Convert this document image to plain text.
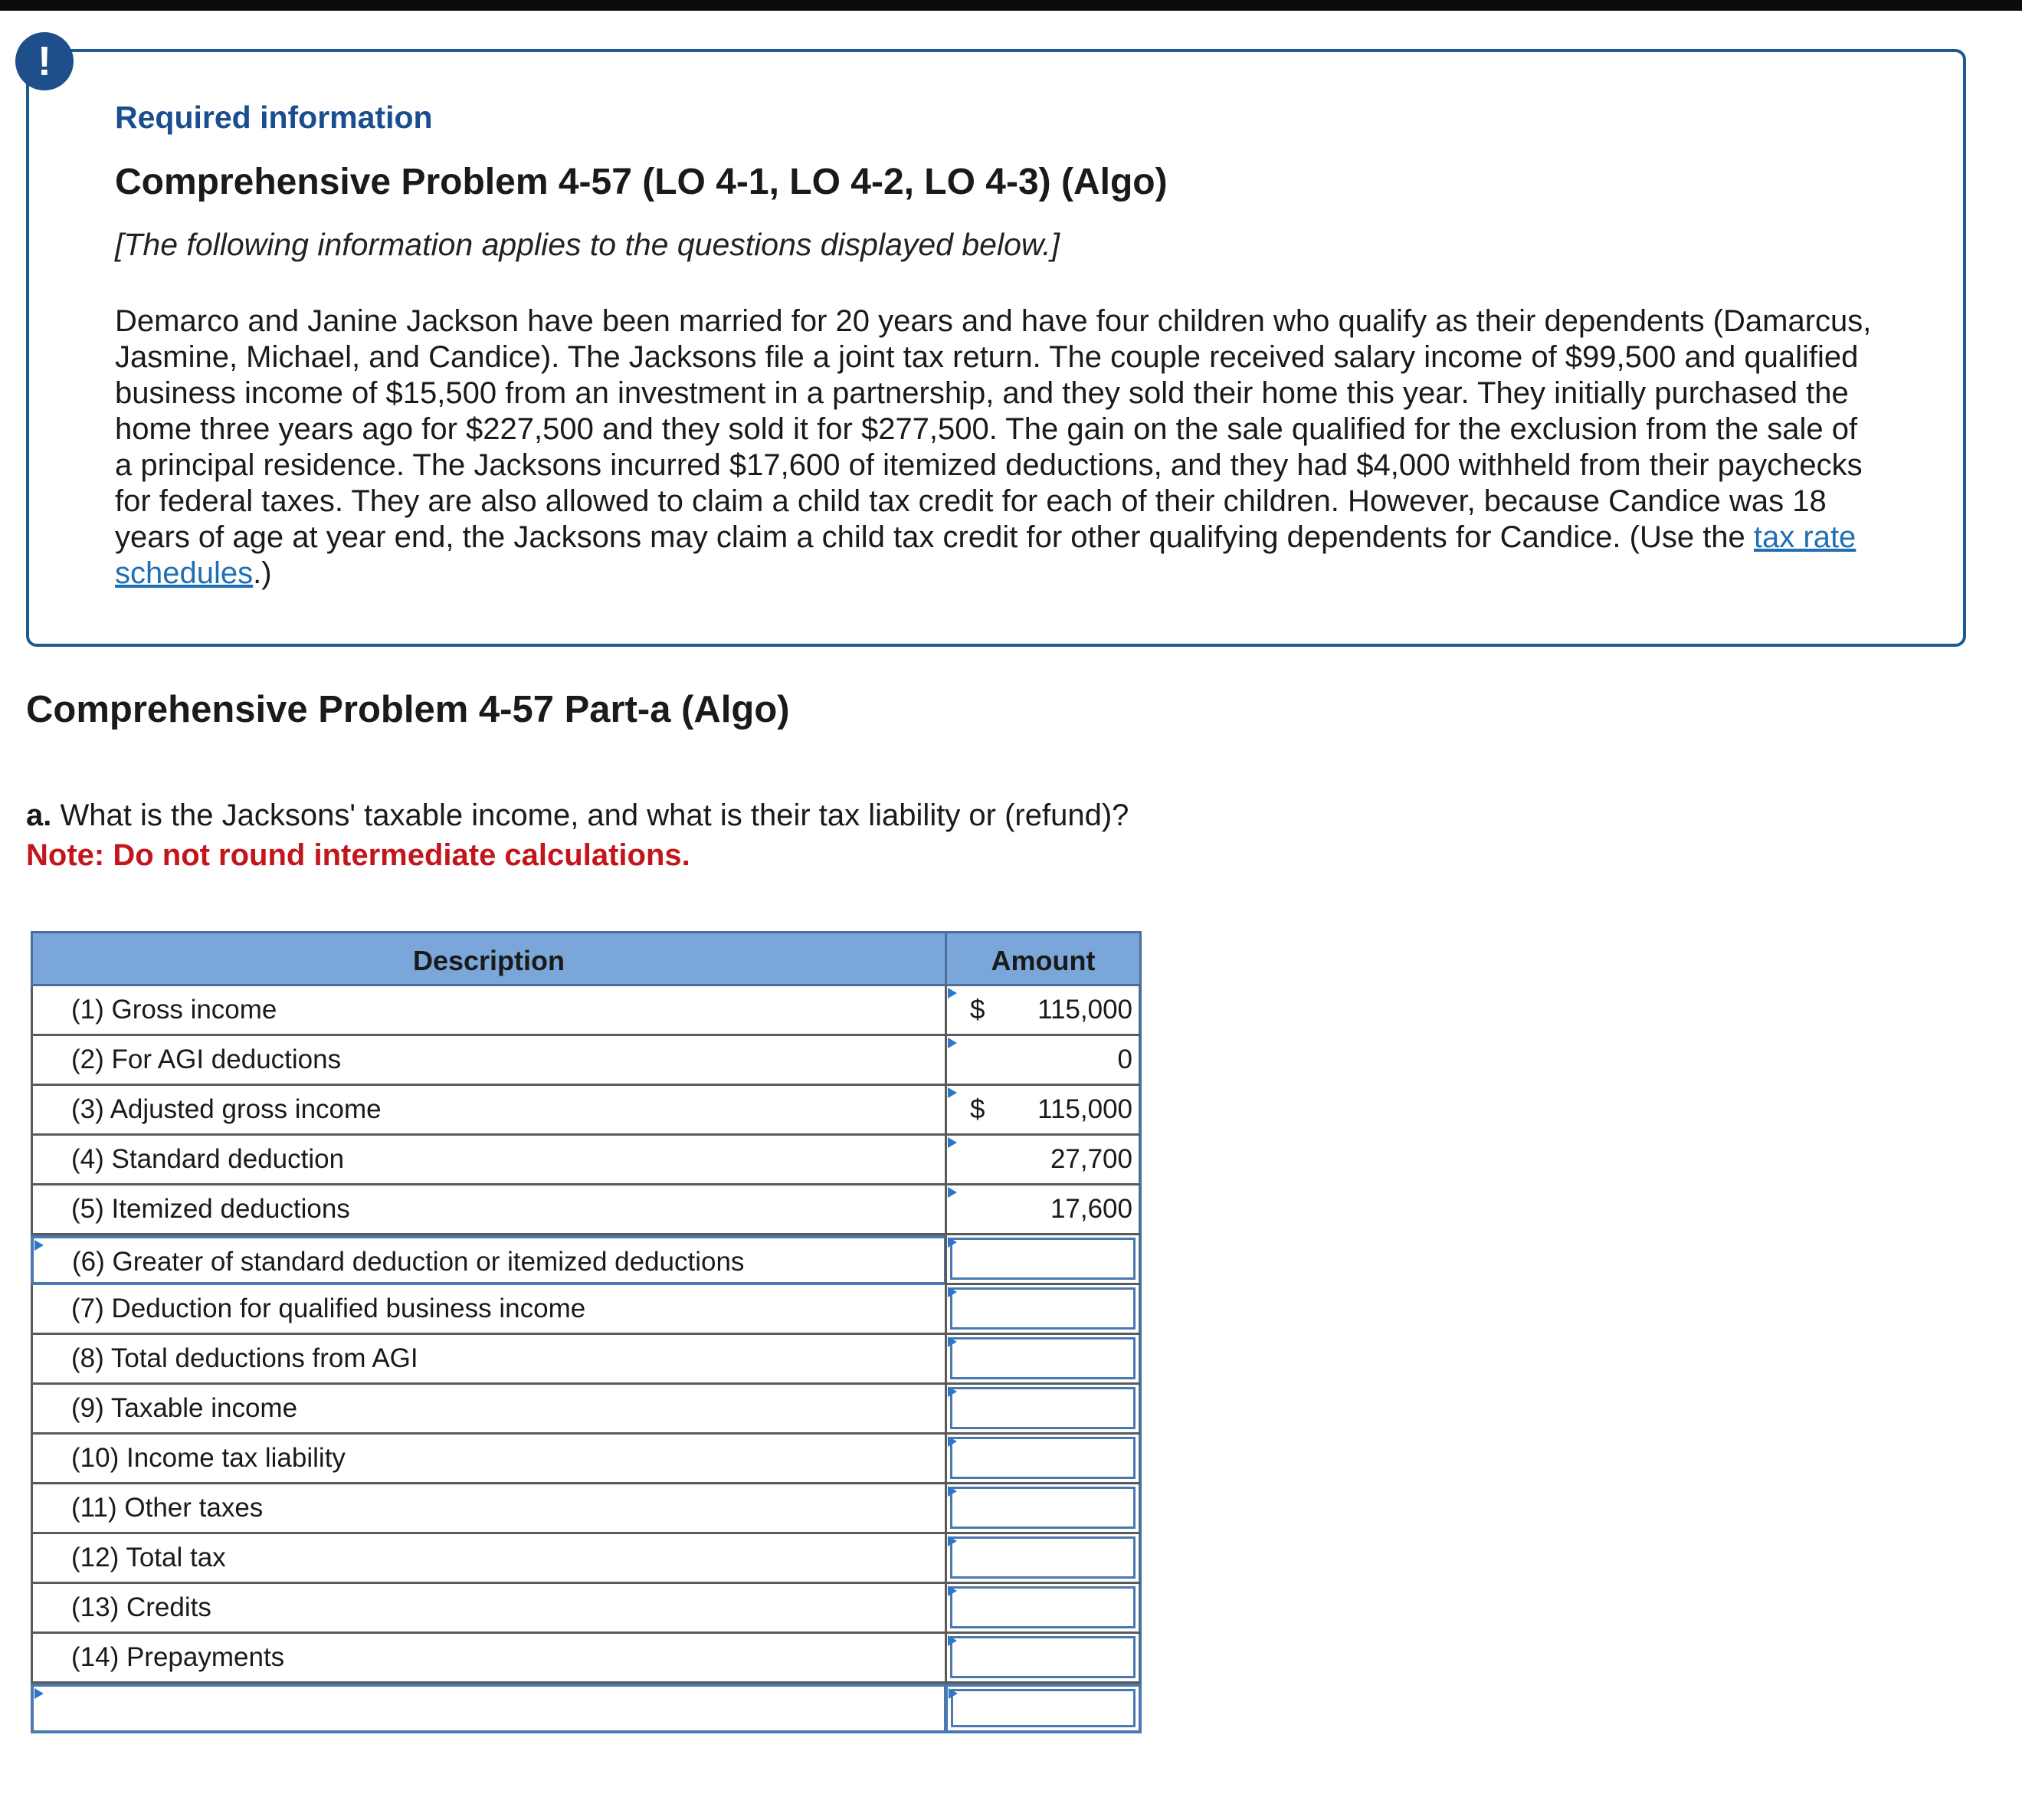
!
Required information
Comprehensive Problem 4-57 (LO 4-1, LO 4-2, LO 4-3) (Algo)
[The following information applies to the questions displayed below.]
Demarco and Janine Jackson have been married for 20 years and have four children who qualify as their dependents (Damarcus, Jasmine, Michael, and Candice). The Jacksons file a joint tax return. The couple received salary income of $99,500 and qualified business income of $15,500 from an investment in a partnership, and they sold their home this year. They initially purchased the home three years ago for $227,500 and they sold it for $277,500. The gain on the sale qualified for the exclusion from the sale of a principal residence. The Jacksons incurred $17,600 of itemized deductions, and they had $4,000 withheld from their paychecks for federal taxes. They are also allowed to claim a child tax credit for each of their children. However, because Candice was 18 years of age at year end, the Jacksons may claim a child tax credit for other qualifying dependents for Candice. (Use the tax rate schedules.)
Comprehensive Problem 4-57 Part-a (Algo)
a. What is the Jacksons' taxable income, and what is their tax liability or (refund)?
Note: Do not round intermediate calculations.
Description	Amount
(1) Gross income	$ 115,000
(2) For AGI deductions	0
(3) Adjusted gross income	$ 115,000
(4) Standard deduction	27,700
(5) Itemized deductions	17,600
(6) Greater of standard deduction or itemized deductions
(7) Deduction for qualified business income
(8) Total deductions from AGI
(9) Taxable income
(10) Income tax liability
(11) Other taxes
(12) Total tax
(13) Credits
(14) Prepayments
